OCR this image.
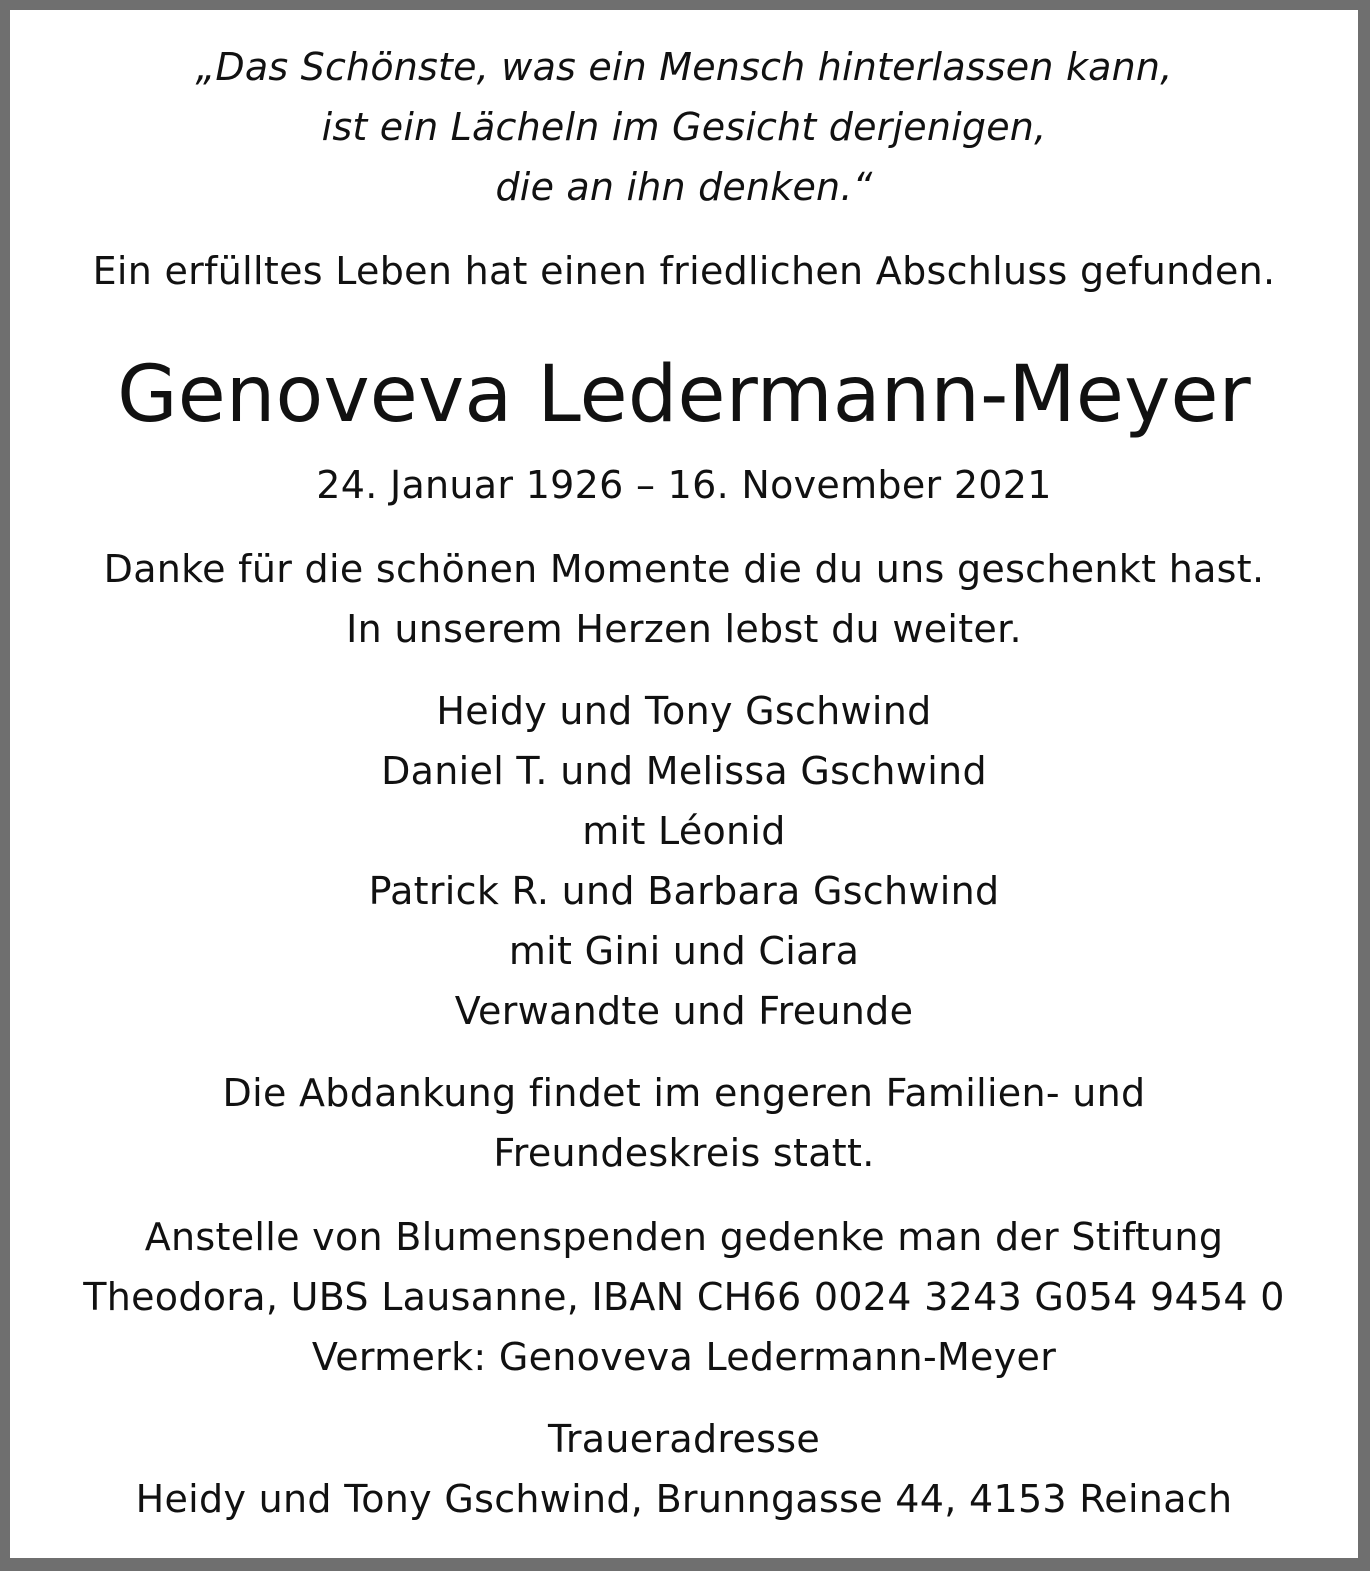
„Das Schönste, was ein Mensch hinterlassen kann,
ist ein Lächeln im Gesicht derjenigen,
die an ihn denken.“
Ein erfülltes Leben hat einen friedlichen Abschluss gefunden.
Genoveva Ledermann-Meyer
24. Januar 1926 – 16. November 2021
Danke für die schönen Momente die du uns geschenkt hast.
In unserem Herzen lebst du weiter.
Heidy und Tony Gschwind
Daniel T. und Melissa Gschwind
mit Léonid
Patrick R. und Barbara Gschwind
mit Gini und Ciara
Verwandte und Freunde
Die Abdankung findet im engeren Familien- und
Freundeskreis statt.
Anstelle von Blumenspenden gedenke man der Stiftung
Theodora, UBS Lausanne, IBAN CH66 0024 3243 G054 9454 0
Vermerk: Genoveva Ledermann-Meyer
Traueradresse
Heidy und Tony Gschwind, Brunngasse 44, 4153 Reinach
